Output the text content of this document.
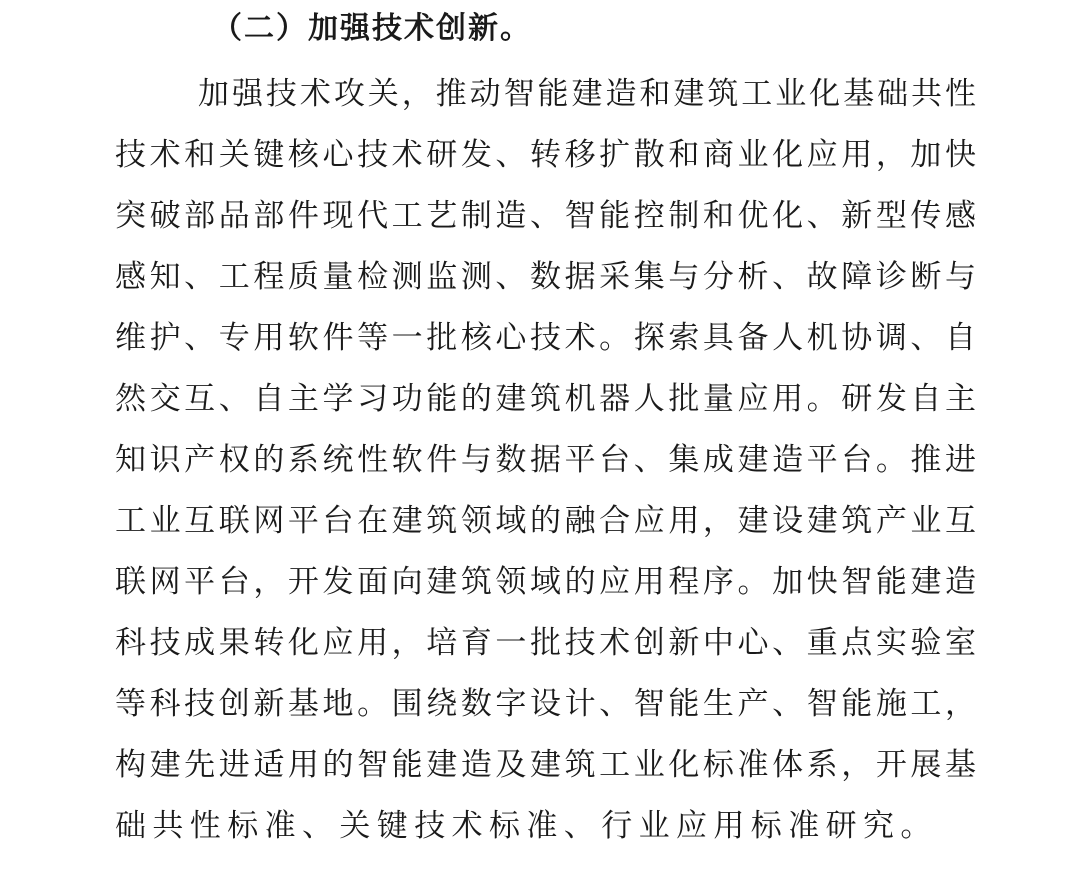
（二）加强技术创新。
加强技术攻关，推动智能建造和建筑工业化基础共性
技术和关键核心技术研发、转移扩散和商业化应用，加快
突破部品部件现代工艺制造、智能控制和优化、新型传感
感知、工程质量检测监测、数据采集与分析、故障诊断与
维护、专用软件等一批核心技术。探索具备人机协调、自
然交互、自主学习功能的建筑机器人批量应用。研发自主
知识产权的系统性软件与数据平台、集成建造平台。推进
工业互联网平台在建筑领域的融合应用，建设建筑产业互
联网平台，开发面向建筑领域的应用程序。加快智能建造
科技成果转化应用，培育一批技术创新中心、重点实验室
等科技创新基地。围绕数字设计、智能生产、智能施工，
构建先进适用的智能建造及建筑工业化标准体系，开展基
础共性标准、关键技术标准、行业应用标准研究。
